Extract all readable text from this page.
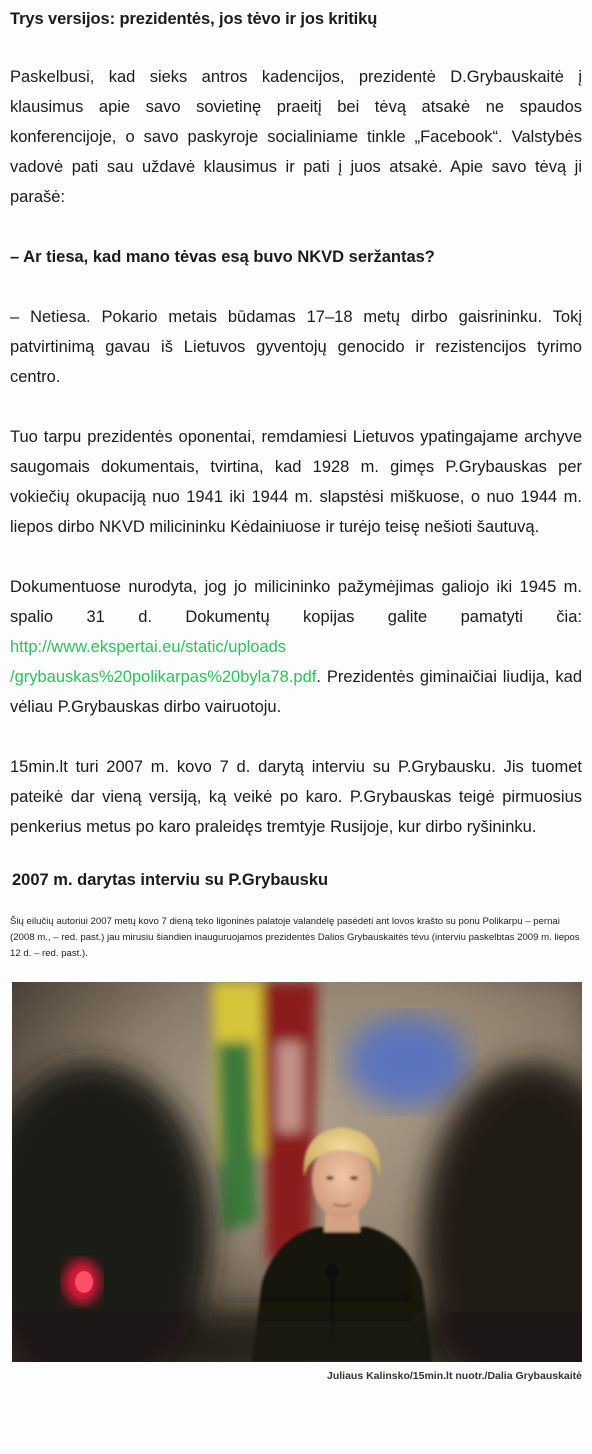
Trys versijos: prezidentės, jos tėvo ir jos kritikų

Paskelbusi, kad sieks antros kadencijos, prezidentė D.Grybauskaitė į klausimus apie savo sovietinę praeitį bei tėvą atsakė ne spaudos konferencijoje, o savo paskyroje socialiniame tinkle „Facebook“. Valstybės vadovė pati sau uždavė klausimus ir pati į juos atsakė. Apie savo tėvą ji parašė:

– Ar tiesa, kad mano tėvas esą buvo NKVD seržantas?

– Netiesa. Pokario metais būdamas 17–18 metų dirbo gaisrininku. Tokį patvirtinimą gavau iš Lietuvos gyventojų genocido ir rezistencijos tyrimo centro.

Tuo tarpu prezidentės oponentai, remdamiesi Lietuvos ypatingajame archyve saugomais dokumentais, tvirtina, kad 1928 m. gimęs P.Grybauskas per vokiečių okupaciją nuo 1941 iki 1944 m. slapstėsi miškuose, o nuo 1944 m. liepos dirbo NKVD milicininku Kėdainiuose ir turėjo teisę nešioti šautuvą.

Dokumentuose nurodyta, jog jo milicininko pažymėjimas galiojo iki 1945 m. spalio 31 d. Dokumentų kopijas galite pamatyti čia: http://www.ekspertai.eu/static/uploads
/grybauskas%20polikarpas%20byla78.pdf. Prezidentės giminaičiai liudija, kad vėliau P.Grybauskas dirbo vairuotoju.

15min.lt turi 2007 m. kovo 7 d. darytą interviu su P.Grybausku. Jis tuomet pateikė dar vieną versiją, ką veikė po karo. P.Grybauskas teigė pirmuosius penkerius metus po karo praleidęs tremtyje Rusijoje, kur dirbo ryšininku.

2007 m. darytas interviu su P.Grybausku

Šių eilučių autoriui 2007 metų kovo 7 dieną teko ligoninės palatoje valandėlę pasėdėti ant lovos krašto su ponu Polikarpu – pernai (2008 m., – red. past.) jau mirusiu šiandien inauguruojamos prezidentės Dalios Grybauskaitės tėvu (interviu paskelbtas 2009 m. liepos 12 d. – red. past.).

Juliaus Kalinsko/15min.lt nuotr./Dalia Grybauskaitė
